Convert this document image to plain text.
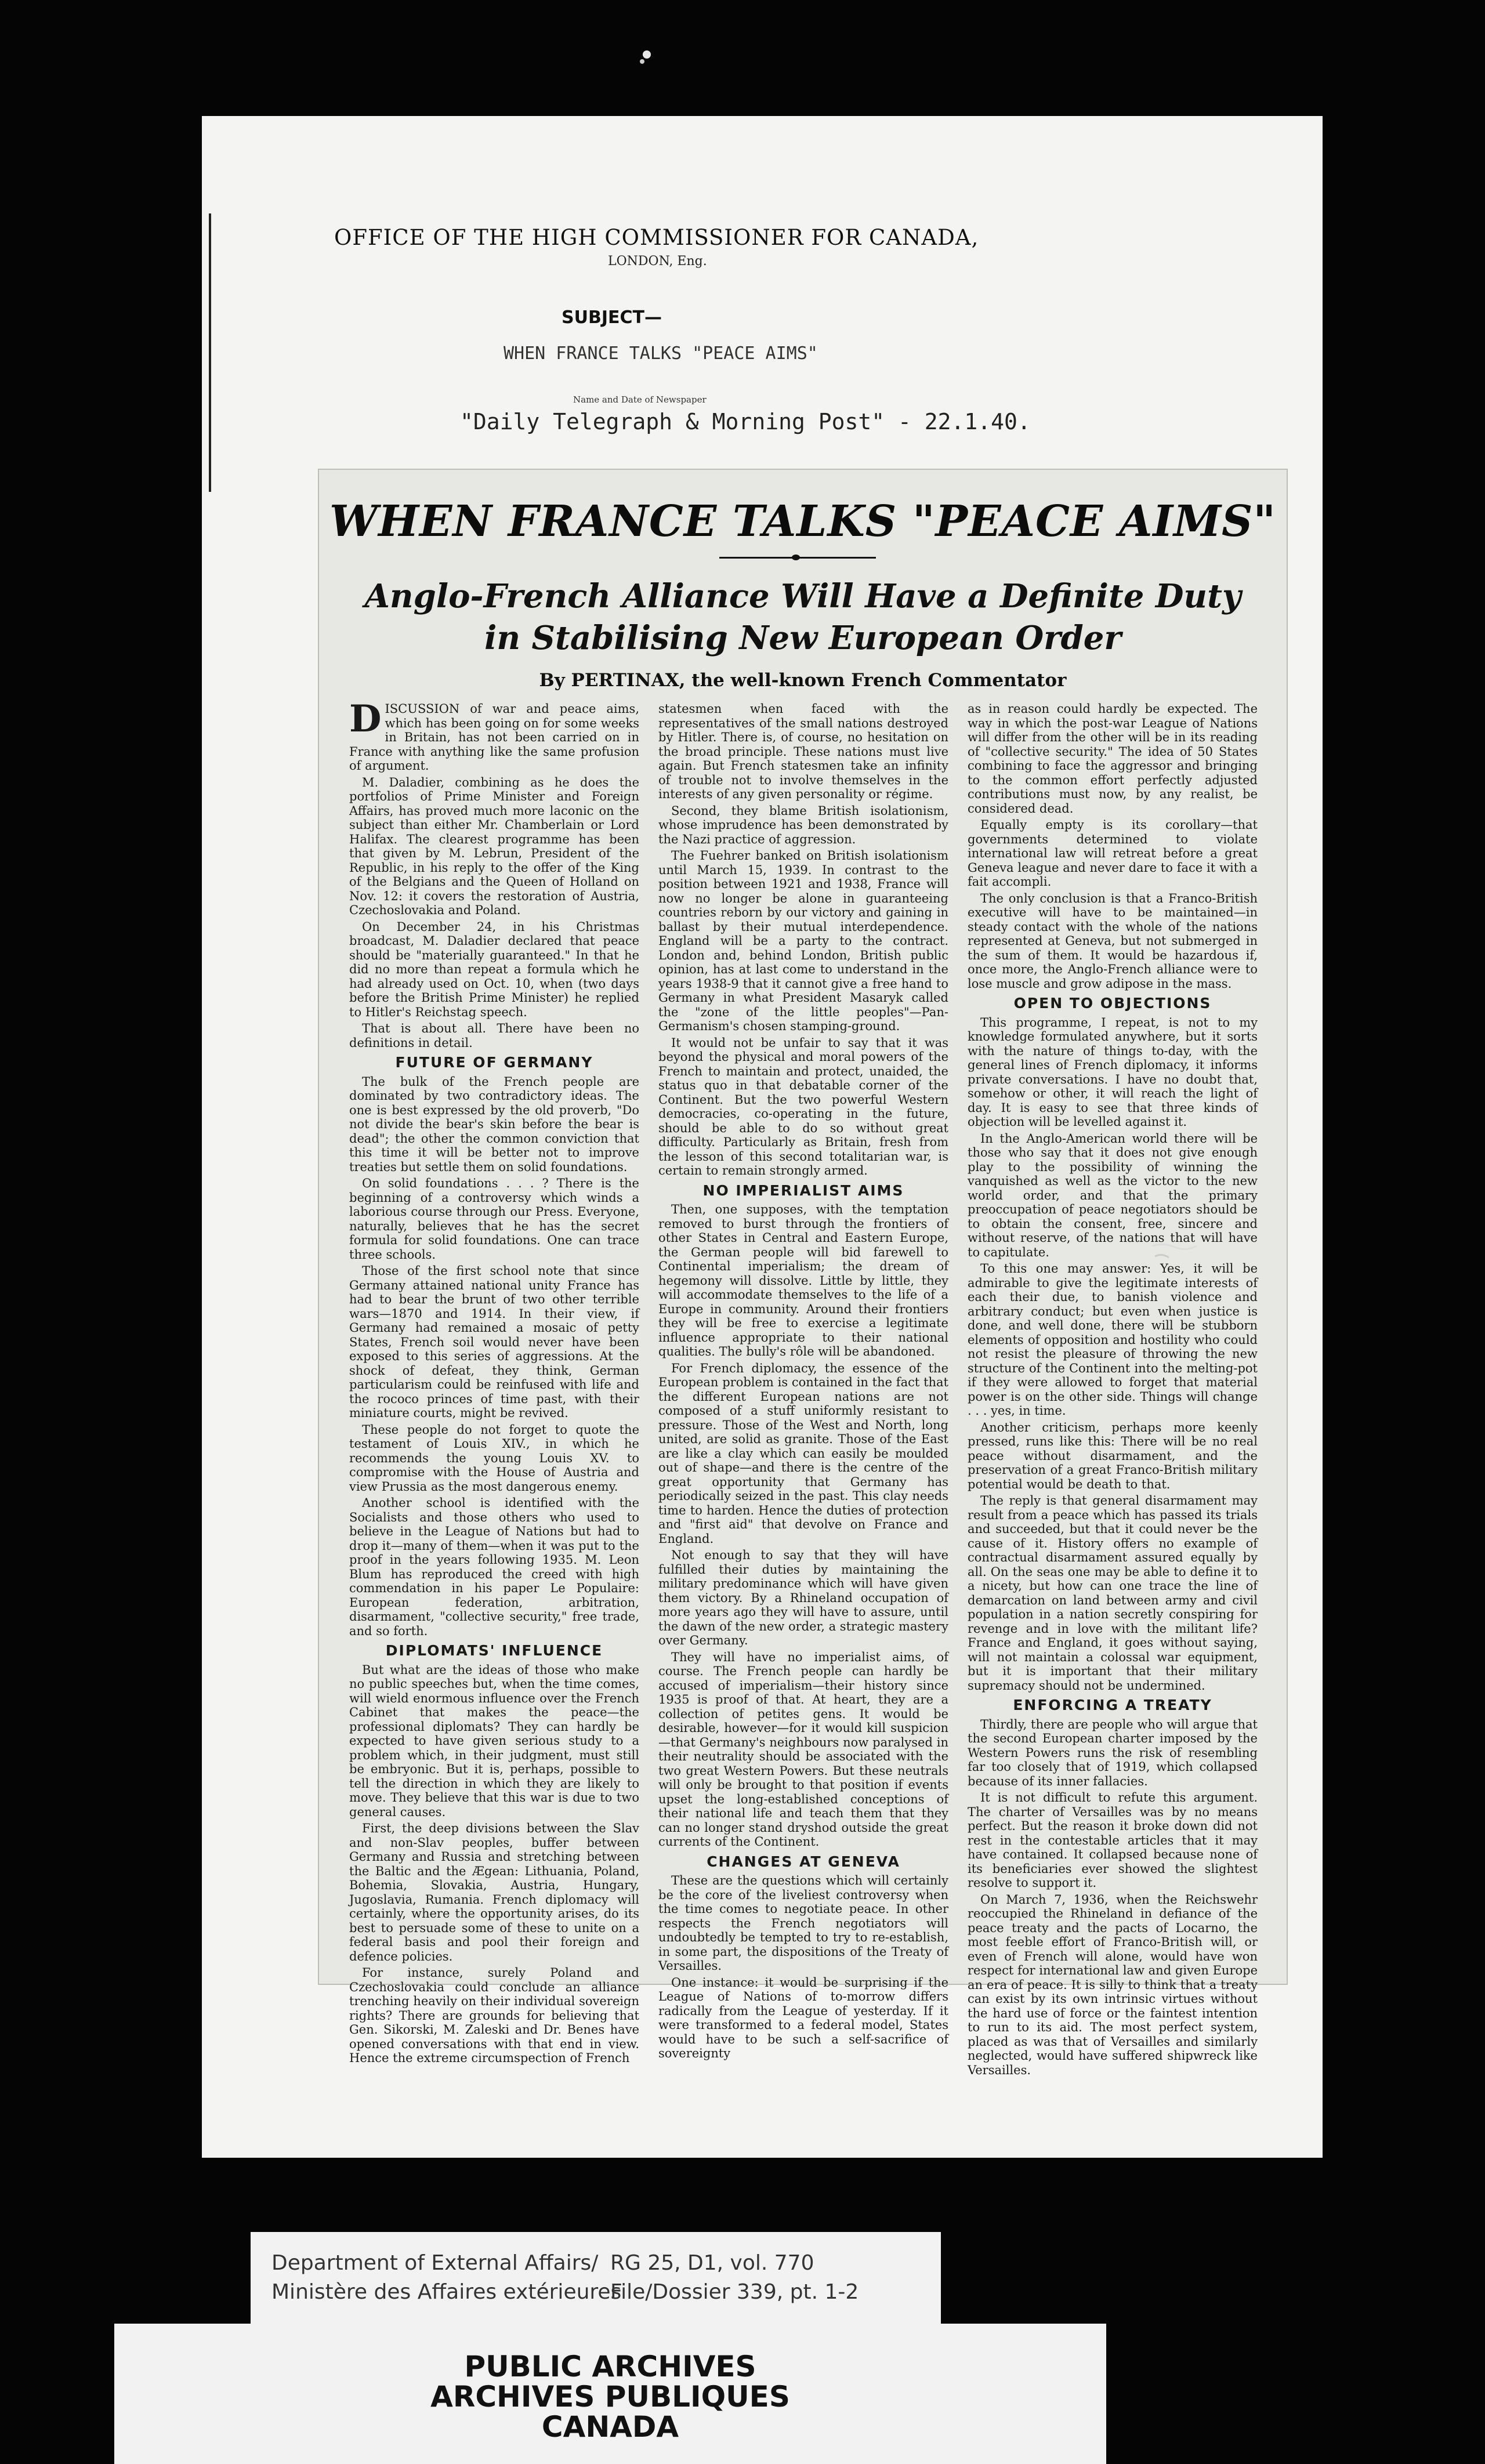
OFFICE OF THE HIGH COMMISSIONER FOR CANADA,
LONDON, Eng.
SUBJECT—
WHEN FRANCE TALKS "PEACE AIMS"
Name and Date of Newspaper
"Daily Telegraph & Morning Post" - 22.1.40.
WHEN FRANCE TALKS "PEACE AIMS"
Anglo-French Alliance Will Have a Definite Duty
in Stabilising New European Order
By PERTINAX, the well-known French Commentator

DISCUSSION of war and peace aims, which has been going on for some weeks in Britain, has not been carried on in France with anything like the same profusion of argument.

M. Daladier, combining as he does the portfolios of Prime Minister and Foreign Affairs, has proved much more laconic on the subject than either Mr. Chamberlain or Lord Halifax. The clearest programme has been that given by M. Lebrun, President of the Republic, in his reply to the offer of the King of the Belgians and the Queen of Holland on Nov. 12: it covers the restoration of Austria, Czechoslovakia and Poland.

On December 24, in his Christmas broadcast, M. Daladier declared that peace should be "materially guaranteed." In that he did no more than repeat a formula which he had already used on Oct. 10, when (two days before the British Prime Minister) he replied to Hitler's Reichstag speech.

That is about all. There have been no definitions in detail.

FUTURE OF GERMANY

The bulk of the French people are dominated by two contradictory ideas. The one is best expressed by the old proverb, "Do not divide the bear's skin before the bear is dead"; the other the common conviction that this time it will be better not to improve treaties but settle them on solid foundations.

On solid foundations . . . ? There is the beginning of a controversy which winds a laborious course through our Press. Everyone, naturally, believes that he has the secret formula for solid foundations. One can trace three schools.

Those of the first school note that since Germany attained national unity France has had to bear the brunt of two other terrible wars—1870 and 1914. In their view, if Germany had remained a mosaic of petty States, French soil would never have been exposed to this series of aggressions. At the shock of defeat, they think, German particularism could be reinfused with life and the rococo princes of time past, with their miniature courts, might be revived.

These people do not forget to quote the testament of Louis XIV., in which he recommends the young Louis XV. to compromise with the House of Austria and view Prussia as the most dangerous enemy.

Another school is identified with the Socialists and those others who used to believe in the League of Nations but had to drop it—many of them—when it was put to the proof in the years following 1935. M. Leon Blum has reproduced the creed with high commendation in his paper Le Populaire: European federation, arbitration, disarmament, "collective security," free trade, and so forth.

DIPLOMATS' INFLUENCE

But what are the ideas of those who make no public speeches but, when the time comes, will wield enormous influence over the French Cabinet that makes the peace—the professional diplomats? They can hardly be expected to have given serious study to a problem which, in their judgment, must still be embryonic. But it is, perhaps, possible to tell the direction in which they are likely to move. They believe that this war is due to two general causes.

First, the deep divisions between the Slav and non-Slav peoples, buffer between Germany and Russia and stretching between the Baltic and the Ægean: Lithuania, Poland, Bohemia, Slovakia, Austria, Hungary, Jugoslavia, Rumania. French diplomacy will certainly, where the opportunity arises, do its best to persuade some of these to unite on a federal basis and pool their foreign and defence policies.

For instance, surely Poland and Czechoslovakia could conclude an alliance trenching heavily on their individual sovereign rights? There are grounds for believing that Gen. Sikorski, M. Zaleski and Dr. Benes have opened conversations with that end in view. Hence the extreme circumspection of French

statesmen when faced with the representatives of the small nations destroyed by Hitler. There is, of course, no hesitation on the broad principle. These nations must live again. But French statesmen take an infinity of trouble not to involve themselves in the interests of any given personality or régime.

Second, they blame British isolationism, whose imprudence has been demonstrated by the Nazi practice of aggression.

The Fuehrer banked on British isolationism until March 15, 1939. In contrast to the position between 1921 and 1938, France will now no longer be alone in guaranteeing countries reborn by our victory and gaining in ballast by their mutual interdependence. England will be a party to the contract. London and, behind London, British public opinion, has at last come to understand in the years 1938-9 that it cannot give a free hand to Germany in what President Masaryk called the "zone of the little peoples"—Pan-Germanism's chosen stamping-ground.

It would not be unfair to say that it was beyond the physical and moral powers of the French to maintain and protect, unaided, the status quo in that debatable corner of the Continent. But the two powerful Western democracies, co-operating in the future, should be able to do so without great difficulty. Particularly as Britain, fresh from the lesson of this second totalitarian war, is certain to remain strongly armed.

NO IMPERIALIST AIMS

Then, one supposes, with the temptation removed to burst through the frontiers of other States in Central and Eastern Europe, the German people will bid farewell to Continental imperialism; the dream of hegemony will dissolve. Little by little, they will accommodate themselves to the life of a Europe in community. Around their frontiers they will be free to exercise a legitimate influence appropriate to their national qualities. The bully's rôle will be abandoned.

For French diplomacy, the essence of the European problem is contained in the fact that the different European nations are not composed of a stuff uniformly resistant to pressure. Those of the West and North, long united, are solid as granite. Those of the East are like a clay which can easily be moulded out of shape—and there is the centre of the great opportunity that Germany has periodically seized in the past. This clay needs time to harden. Hence the duties of protection and "first aid" that devolve on France and England.

Not enough to say that they will have fulfilled their duties by maintaining the military predominance which will have given them victory. By a Rhineland occupation of more years ago they will have to assure, until the dawn of the new order, a strategic mastery over Germany.

They will have no imperialist aims, of course. The French people can hardly be accused of imperialism—their history since 1935 is proof of that. At heart, they are a collection of petites gens. It would be desirable, however—for it would kill suspicion—that Germany's neighbours now paralysed in their neutrality should be associated with the two great Western Powers. But these neutrals will only be brought to that position if events upset the long-established conceptions of their national life and teach them that they can no longer stand dryshod outside the great currents of the Continent.

CHANGES AT GENEVA

These are the questions which will certainly be the core of the liveliest controversy when the time comes to negotiate peace. In other respects the French negotiators will undoubtedly be tempted to try to re-establish, in some part, the dispositions of the Treaty of Versailles.

One instance: it would be surprising if the League of Nations of to-morrow differs radically from the League of yesterday. If it were transformed to a federal model, States would have to be such a self-sacrifice of sovereignty

as in reason could hardly be expected. The way in which the post-war League of Nations will differ from the other will be in its reading of "collective security." The idea of 50 States combining to face the aggressor and bringing to the common effort perfectly adjusted contributions must now, by any realist, be considered dead.

Equally empty is its corollary—that governments determined to violate international law will retreat before a great Geneva league and never dare to face it with a fait accompli.

The only conclusion is that a Franco-British executive will have to be maintained—in steady contact with the whole of the nations represented at Geneva, but not submerged in the sum of them. It would be hazardous if, once more, the Anglo-French alliance were to lose muscle and grow adipose in the mass.

OPEN TO OBJECTIONS

This programme, I repeat, is not to my knowledge formulated anywhere, but it sorts with the nature of things to-day, with the general lines of French diplomacy, it informs private conversations. I have no doubt that, somehow or other, it will reach the light of day. It is easy to see that three kinds of objection will be levelled against it.

In the Anglo-American world there will be those who say that it does not give enough play to the possibility of winning the vanquished as well as the victor to the new world order, and that the primary preoccupation of peace negotiators should be to obtain the consent, free, sincere and without reserve, of the nations that will have to capitulate.

To this one may answer: Yes, it will be admirable to give the legitimate interests of each their due, to banish violence and arbitrary conduct; but even when justice is done, and well done, there will be stubborn elements of opposition and hostility who could not resist the pleasure of throwing the new structure of the Continent into the melting-pot if they were allowed to forget that material power is on the other side. Things will change . . . yes, in time.

Another criticism, perhaps more keenly pressed, runs like this: There will be no real peace without disarmament, and the preservation of a great Franco-British military potential would be death to that.

The reply is that general disarmament may result from a peace which has passed its trials and succeeded, but that it could never be the cause of it. History offers no example of contractual disarmament assured equally by all. On the seas one may be able to define it to a nicety, but how can one trace the line of demarcation on land between army and civil population in a nation secretly conspiring for revenge and in love with the militant life? France and England, it goes without saying, will not maintain a colossal war equipment, but it is important that their military supremacy should not be undermined.

ENFORCING A TREATY

Thirdly, there are people who will argue that the second European charter imposed by the Western Powers runs the risk of resembling far too closely that of 1919, which collapsed because of its inner fallacies.

It is not difficult to refute this argument. The charter of Versailles was by no means perfect. But the reason it broke down did not rest in the contestable articles that it may have contained. It collapsed because none of its beneficiaries ever showed the slightest resolve to support it.

On March 7, 1936, when the Reichswehr reoccupied the Rhineland in defiance of the peace treaty and the pacts of Locarno, the most feeble effort of Franco-British will, or even of French will alone, would have won respect for international law and given Europe an era of peace. It is silly to think that a treaty can exist by its own intrinsic virtues without the hard use of force or the faintest intention to run to its aid. The most perfect system, placed as was that of Versailles and similarly neglected, would have suffered shipwreck like Versailles.

Department of External Affairs/
Ministère des Affaires extérieures
RG 25, D1, vol. 770
File/Dossier 339, pt. 1-2
PUBLIC ARCHIVES
ARCHIVES PUBLIQUES
CANADA
